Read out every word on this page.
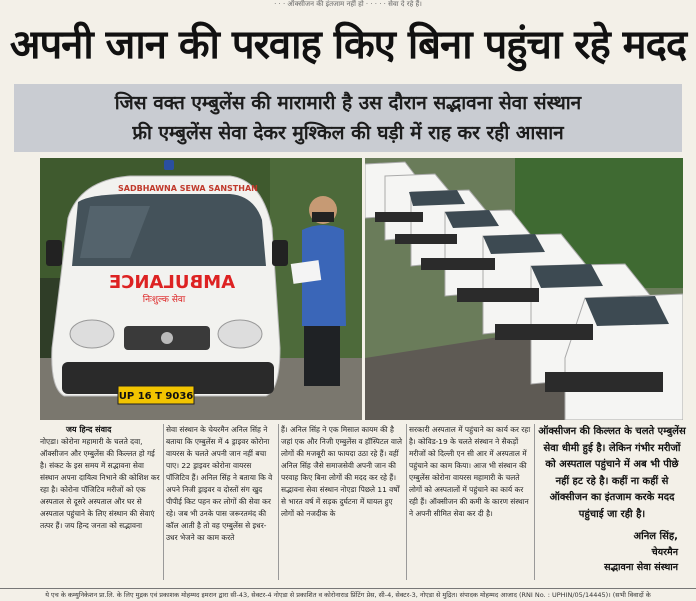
· · · ऑक्सीजन की इंतजाम नहीं हो · · · · · सेवा दे रहे हैं।
अपनी जान की परवाह किए बिना पहुंचा रहे मदद
जिस वक्त एम्बुलेंस की मारामारी है उस दौरान सद्भावना सेवा संस्थान
फ्री एम्बुलेंस सेवा देकर मुश्किल की घड़ी में राह कर रही आसान
SADBHAWNA SEWA SANSTHAN
AMBULANCE
निःशुल्क सेवा
UP 16 T 9036
जय हिन्द संवाद

नोएडा। कोरोना महामारी के चलते दवा, ऑक्सीजन और एम्बुलेंस की किल्लत हो गई है। संकट के इस समय में सद्भावना सेवा संस्थान अपना दायित्व निभाने की कोशिश कर रहा है। कोरोना पॉजिटिव मरीजों को एक अस्पताल से दूसरे अस्पताल और घर से अस्पताल पहुंचाने के लिए संस्थान की सेवाएं तत्पर हैं। जय हिन्द जनता को सद्भावना

सेवा संस्थान के चेयरमैन अनिल सिंह ने बताया कि एम्बुलेंस में 4 ड्राइवर कोरोना वायरस के चलते अपनी जान नहीं बचा पाए। 22 ड्राइवर कोरोना वायरस पॉजिटिव हैं। अनिल सिंह ने बताया कि वे अपने निजी ड्राइवर व दोस्तों संग खुद पीपीई किट पहन कर लोगों की सेवा कर रहे। जब भी उनके पास जरूरतमंद की कॉल आती है तो वह एम्बुलेंस से इधर-उधर भेजने का काम करते

हैं। अनिल सिंह ने एक मिसाल कायम की है जहां एक और निजी एम्बुलेंस व हॉस्पिटल वाले लोगों की मजबूरी का फायदा उठा रहे हैं। वहीं अनिल सिंह जैसे समाजसेवी अपनी जान की परवाह किए बिना लोगों की मदद कर रहे हैं। सद्भावना सेवा संस्थान नोएडा पिछले 11 वर्षों से भारत वर्ष में सड़क दुर्घटना में घायल हुए लोगों को नजदीक के

सरकारी अस्पताल में पहुंचाने का कार्य कर रहा है। कोविड-19 के चलते संस्थान ने सैकड़ों मरीजों को दिल्ली एन सी आर में अस्पताल में पहुंचाने का काम किया। आज भी संस्थान की एम्बुलेंस कोरोना वायरस महामारी के चलते लोगों को अस्पतालों में पहुंचाने का कार्य कर रही हैं। ऑक्सीजन की कमी के कारण संस्थान ने अपनी सीमित सेवा कर दी है।

ऑक्सीजन की किल्लत के चलते एम्बुलेंस सेवा धीमी हुई है। लेकिन गंभीर मरीजों को अस्पताल पहुंचाने में अब भी पीछे नहीं हट रहे है। कहीं ना कहीं से ऑक्सीजन का इंतजाम करके मदद पहुंचाई जा रही है।
अनिल सिंह,
चेयरमैन
सद्भावना सेवा संस्थान
ये एच के कम्युनिकेशन प्रा.लि. के लिए मुद्रक एवं प्रकाशक मोहम्मद इमरान द्वारा सी-43, सेक्टर-4 नोएडा से प्रकाशित व कोरोनाराड प्रिंटिंग प्रेस, सी-4, सेक्टर-3, नोएडा से मुद्रित। संपादक मोहम्मद आजाद (RNI No. : UPHIN/05/14445)। (सभी विवादों के
